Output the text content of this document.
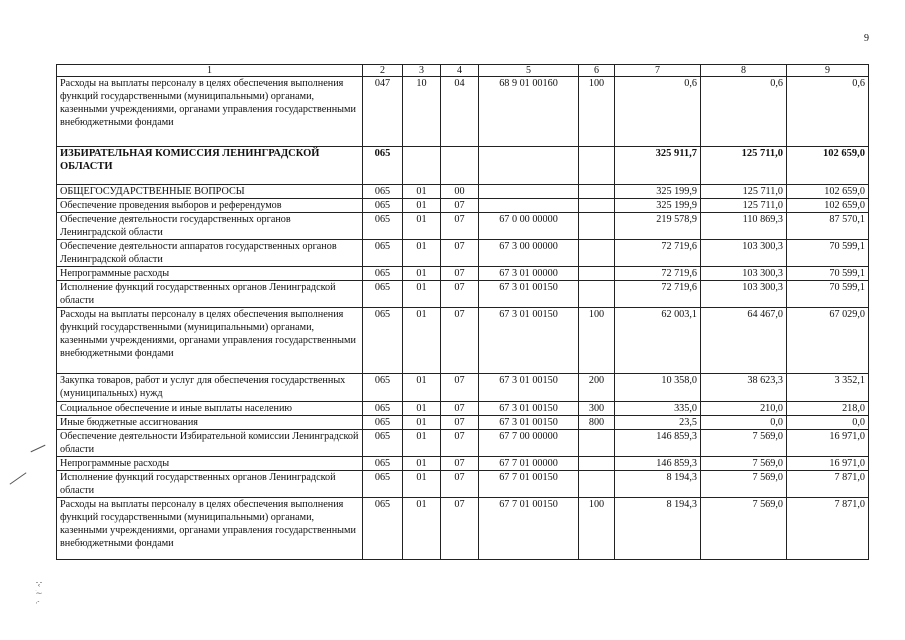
9
1	2	3	4	5	6	7	8	9
Расходы на выплаты персоналу в целях обеспечения выполнения функций государственными (муниципальными) органами, казенными учреждениями, органами управления государственными внебюджетными фондами	047	10	04	68 9 01 00160	100	0,6	0,6	0,6
ИЗБИРАТЕЛЬНАЯ КОМИССИЯ ЛЕНИНГРАДСКОЙ ОБЛАСТИ	065					325 911,7	125 711,0	102 659,0
ОБЩЕГОСУДАРСТВЕННЫЕ ВОПРОСЫ	065	01	00			325 199,9	125 711,0	102 659,0
Обеспечение проведения выборов и референдумов	065	01	07			325 199,9	125 711,0	102 659,0
Обеспечение деятельности государственных органов Ленинградской области	065	01	07	67 0 00 00000		219 578,9	110 869,3	87 570,1
Обеспечение деятельности аппаратов государственных органов Ленинградской области	065	01	07	67 3 00 00000		72 719,6	103 300,3	70 599,1
Непрограммные расходы	065	01	07	67 3 01 00000		72 719,6	103 300,3	70 599,1
Исполнение функций государственных органов Ленинградской области	065	01	07	67 3 01 00150		72 719,6	103 300,3	70 599,1
Расходы на выплаты персоналу в целях обеспечения выполнения функций государственными (муниципальными) органами, казенными учреждениями, органами управления государственными внебюджетными фондами	065	01	07	67 3 01 00150	100	62 003,1	64 467,0	67 029,0
Закупка товаров, работ и услуг для обеспечения государственных (муниципальных) нужд	065	01	07	67 3 01 00150	200	10 358,0	38 623,3	3 352,1
Социальное обеспечение и иные выплаты населению	065	01	07	67 3 01 00150	300	335,0	210,0	218,0
Иные бюджетные ассигнования	065	01	07	67 3 01 00150	800	23,5	0,0	0,0
Обеспечение деятельности Избирательной комиссии Ленинградской области	065	01	07	67 7 00 00000		146 859,3	7 569,0	16 971,0
Непрограммные расходы	065	01	07	67 7 01 00000		146 859,3	7 569,0	16 971,0
Исполнение функций государственных органов Ленинградской области	065	01	07	67 7 01 00150		8 194,3	7 569,0	7 871,0
Расходы на выплаты персоналу в целях обеспечения выполнения функций государственными (муниципальными) органами, казенными учреждениями, органами управления государственными внебюджетными фондами	065	01	07	67 7 01 00150	100	8 194,3	7 569,0	7 871,0
ˆ‹ˆ
ׄ⁓
‚‑
